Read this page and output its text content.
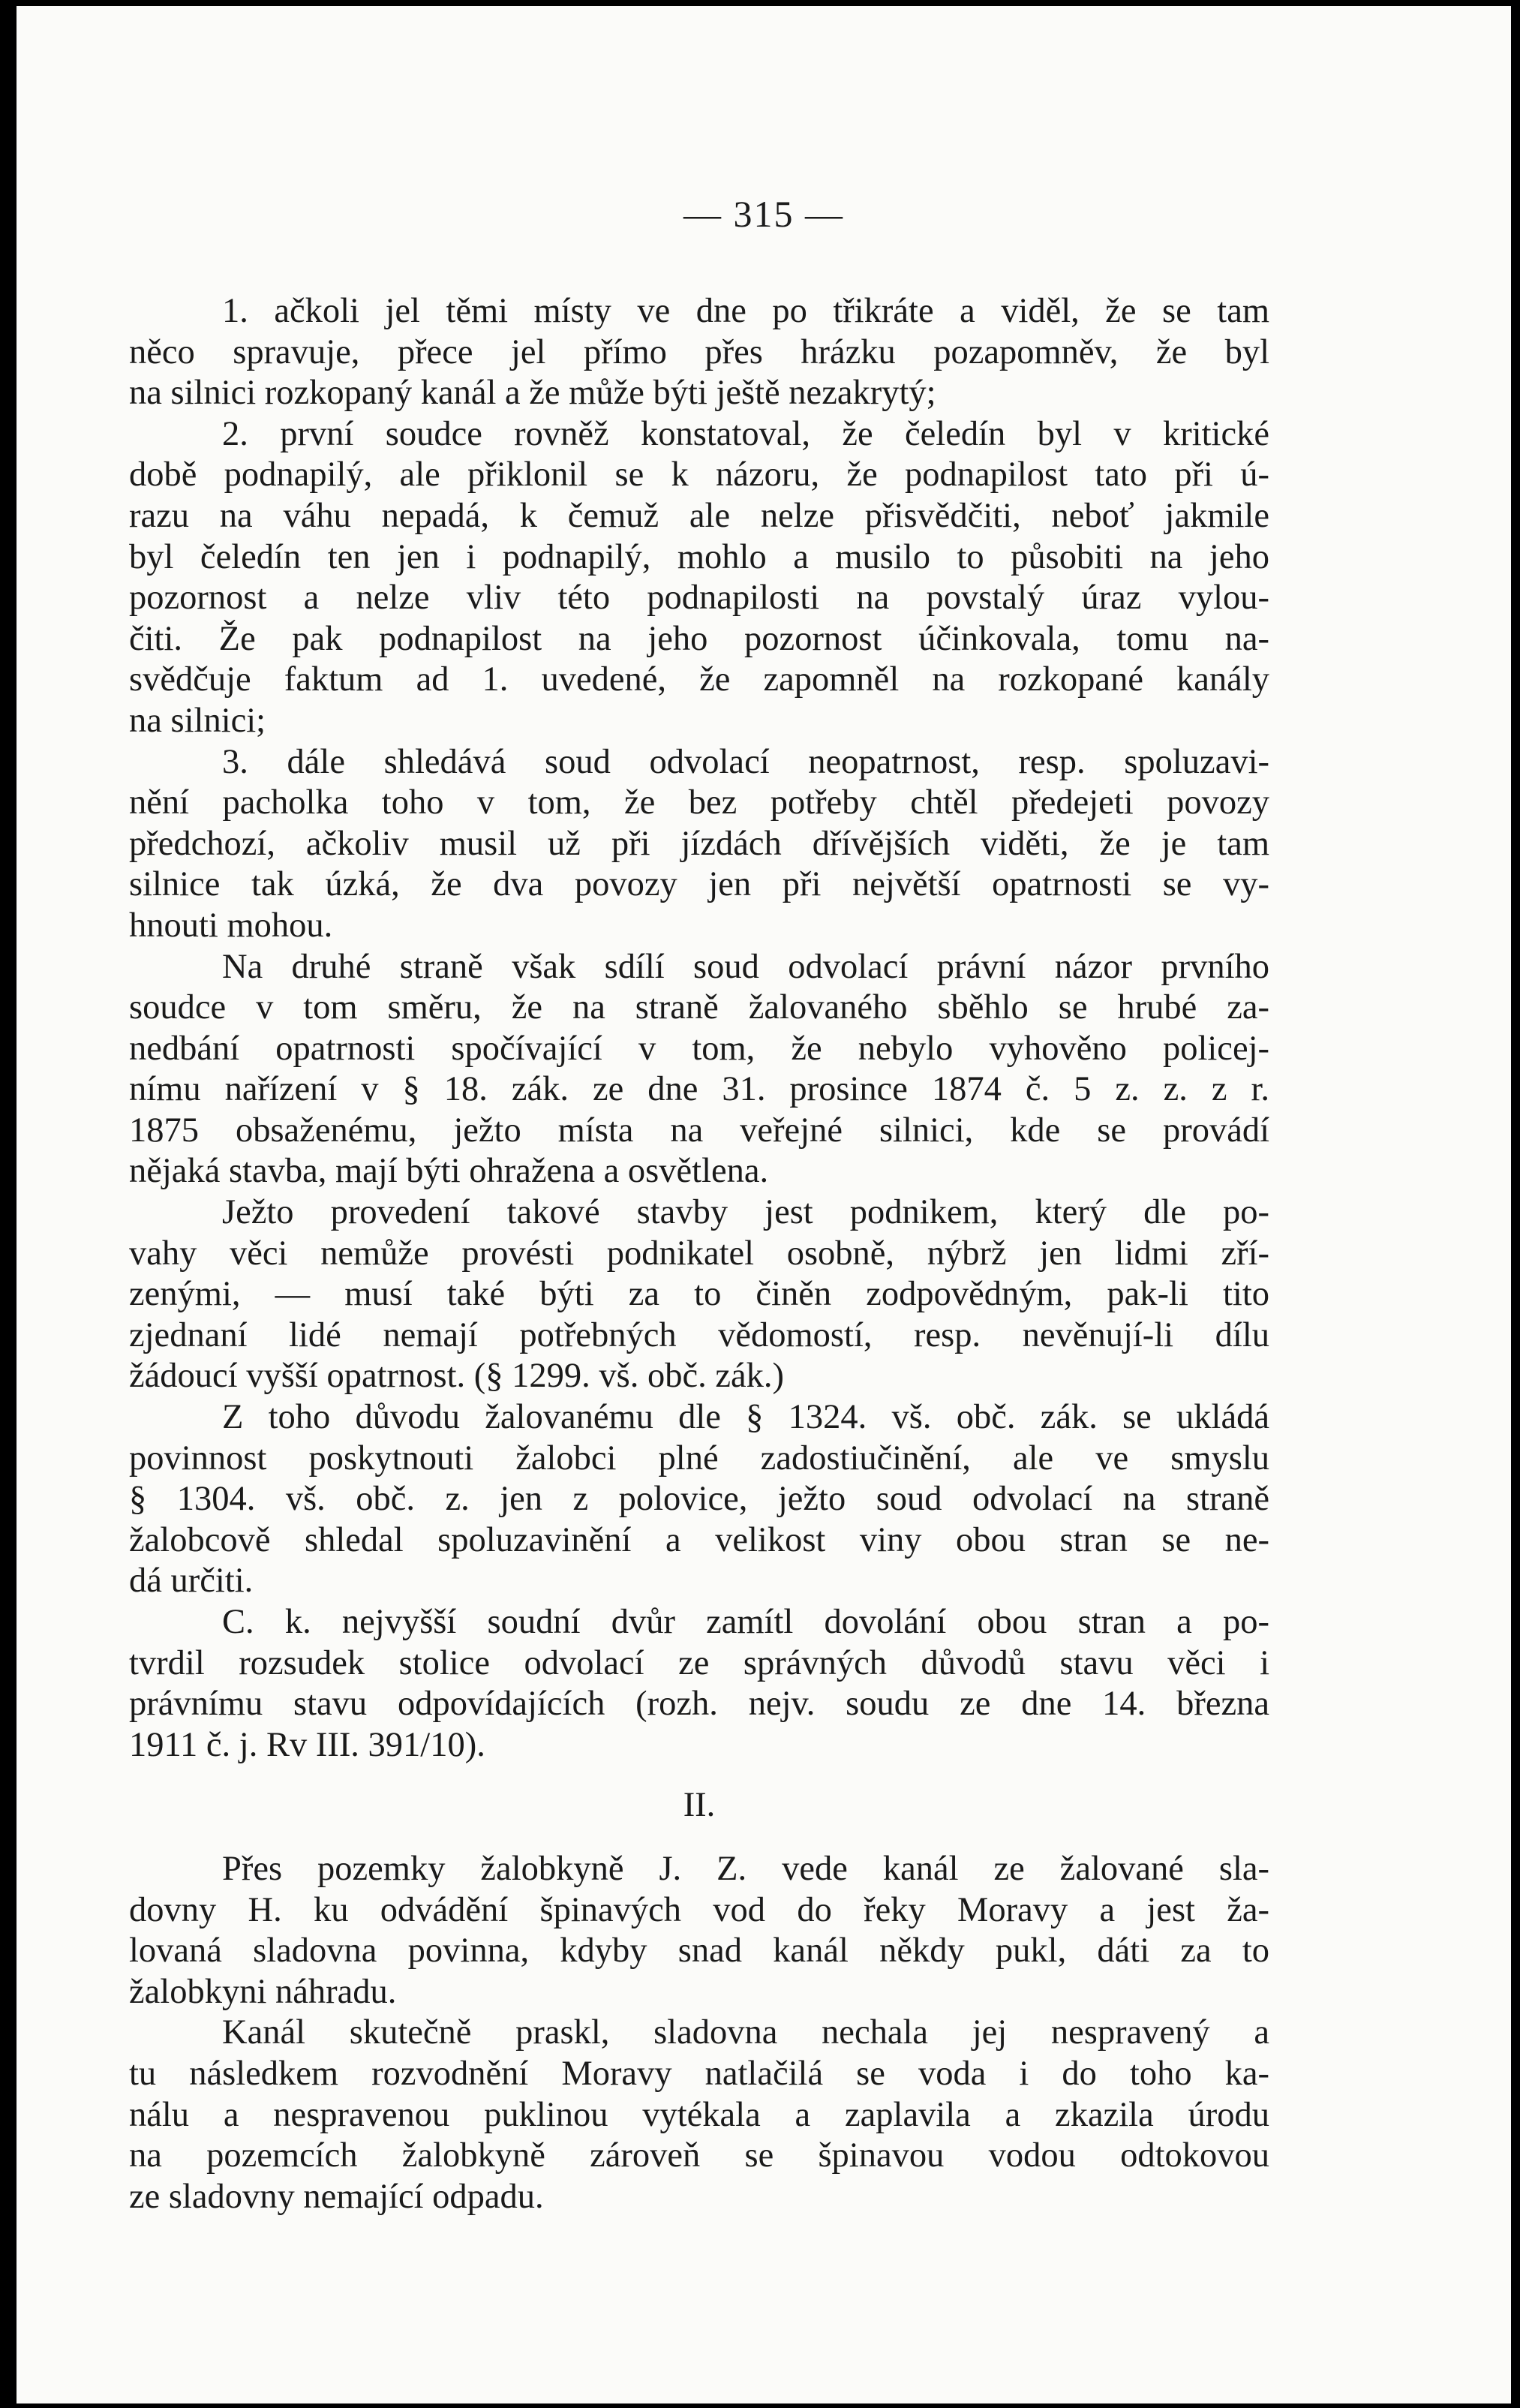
— 315 —
1. ačkoli jel těmi místy ve dne po třikráte a viděl, že se tam
něco spravuje, přece jel přímo přes hrázku pozapomněv, že byl
na silnici rozkopaný kanál a že může býti ještě nezakrytý;
2. první soudce rovněž konstatoval, že čeledín byl v kritické
době podnapilý, ale přiklonil se k názoru, že podnapilost tato při ú-
razu na váhu nepadá, k čemuž ale nelze přisvědčiti, neboť jakmile
byl čeledín ten jen i podnapilý, mohlo a musilo to působiti na jeho
pozornost a nelze vliv této podnapilosti na povstalý úraz vylou-
čiti. Že pak podnapilost na jeho pozornost účinkovala, tomu na-
svědčuje faktum ad 1. uvedené, že zapomněl na rozkopané kanály
na silnici;
3. dále shledává soud odvolací neopatrnost, resp. spoluzavi-
nění pacholka toho v tom, že bez potřeby chtěl předejeti povozy
předchozí, ačkoliv musil už při jízdách dřívějších viděti, že je tam
silnice tak úzká, že dva povozy jen při největší opatrnosti se vy-
hnouti mohou.
Na druhé straně však sdílí soud odvolací právní názor prvního
soudce v tom směru, že na straně žalovaného sběhlo se hrubé za-
nedbání opatrnosti spočívající v tom, že nebylo vyhověno policej-
nímu nařízení v § 18. zák. ze dne 31. prosince 1874 č. 5 z. z. z r.
1875 obsaženému, ježto místa na veřejné silnici, kde se provádí
nějaká stavba, mají býti ohražena a osvětlena.
Ježto provedení takové stavby jest podnikem, který dle po-
vahy věci nemůže provésti podnikatel osobně, nýbrž jen lidmi zří-
zenými, — musí také býti za to činěn zodpovědným, pak-li tito
zjednaní lidé nemají potřebných vědomostí, resp. nevěnují-li dílu
žádoucí vyšší opatrnost. (§ 1299. vš. obč. zák.)
Z toho důvodu žalovanému dle § 1324. vš. obč. zák. se ukládá
povinnost poskytnouti žalobci plné zadostiučinění, ale ve smyslu
§ 1304. vš. obč. z. jen z polovice, ježto soud odvolací na straně
žalobcově shledal spoluzavinění a velikost viny obou stran se ne-
dá určiti.
C. k. nejvyšší soudní dvůr zamítl dovolání obou stran a po-
tvrdil rozsudek stolice odvolací ze správných důvodů stavu věci i
právnímu stavu odpovídajících (rozh. nejv. soudu ze dne 14. března
1911 č. j. Rv III. 391/10).
II.
Přes pozemky žalobkyně J. Z. vede kanál ze žalované sla-
dovny H. ku odvádění špinavých vod do řeky Moravy a jest ža-
lovaná sladovna povinna, kdyby snad kanál někdy pukl, dáti za to
žalobkyni náhradu.
Kanál skutečně praskl, sladovna nechala jej nespravený a
tu následkem rozvodnění Moravy natlačilá se voda i do toho ka-
nálu a nespravenou puklinou vytékala a zaplavila a zkazila úrodu
na pozemcích žalobkyně zároveň se špinavou vodou odtokovou
ze sladovny nemající odpadu.
